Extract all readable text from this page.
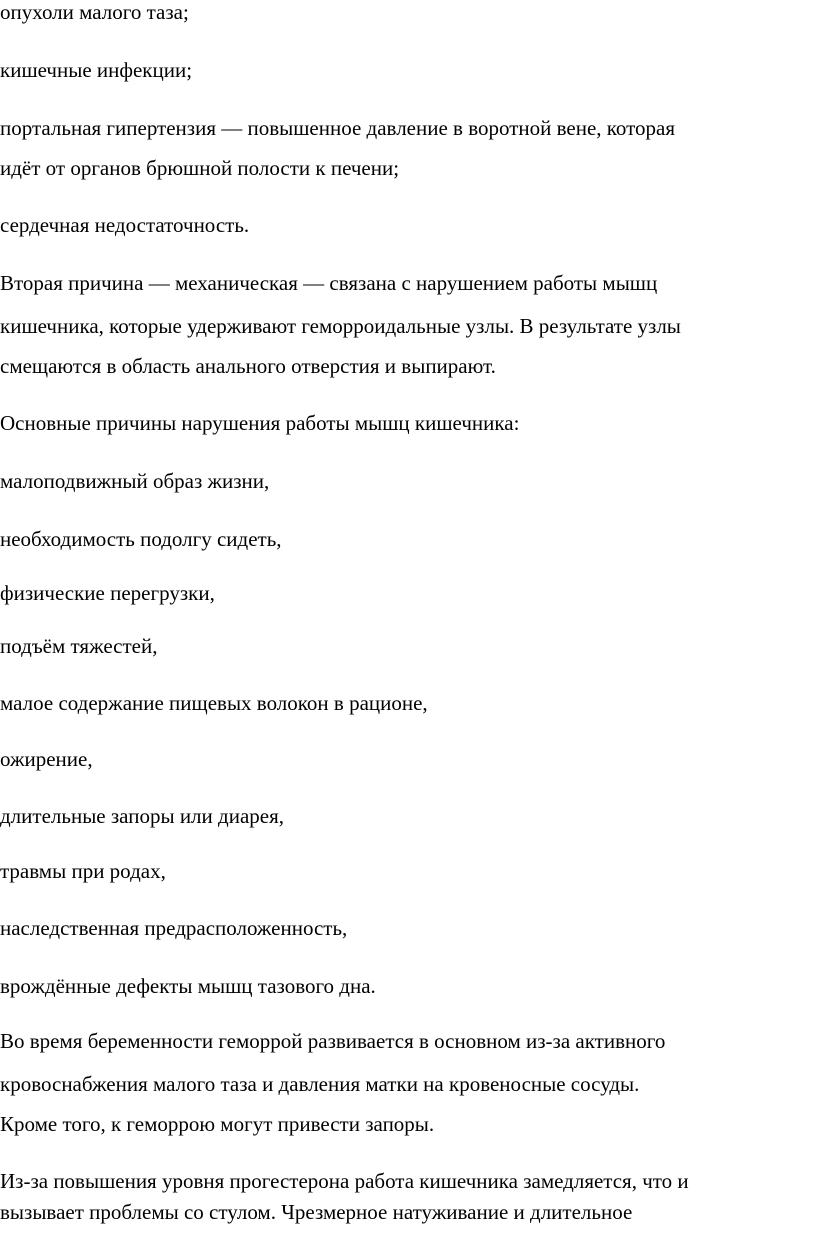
опухоли малого таза;

кишечные инфекции;

портальная гипертензия — повышенное давление в воротной вене, которая

идёт от органов брюшной полости к печени;

сердечная недостаточность.

Вторая причина — механическая — связана с нарушением работы мышц

кишечника, которые удерживают геморроидальные узлы. В результате узлы

смещаются в область анального отверстия и выпирают.

Основные причины нарушения работы мышц кишечника:

малоподвижный образ жизни,

необходимость подолгу сидеть,

физические перегрузки,

подъём тяжестей,

малое содержание пищевых волокон в рационе,

ожирение,

длительные запоры или диарея,

травмы при родах,

наследственная предрасположенность,

врождённые дефекты мышц тазового дна.

Во время беременности геморрой развивается в основном из-за активного

кровоснабжения малого таза и давления матки на кровеносные сосуды.

Кроме того, к геморрою могут привести запоры.

Из-за повышения уровня прогестерона работа кишечника замедляется, что и

вызывает проблемы со стулом. Чрезмерное натуживание и длительное
